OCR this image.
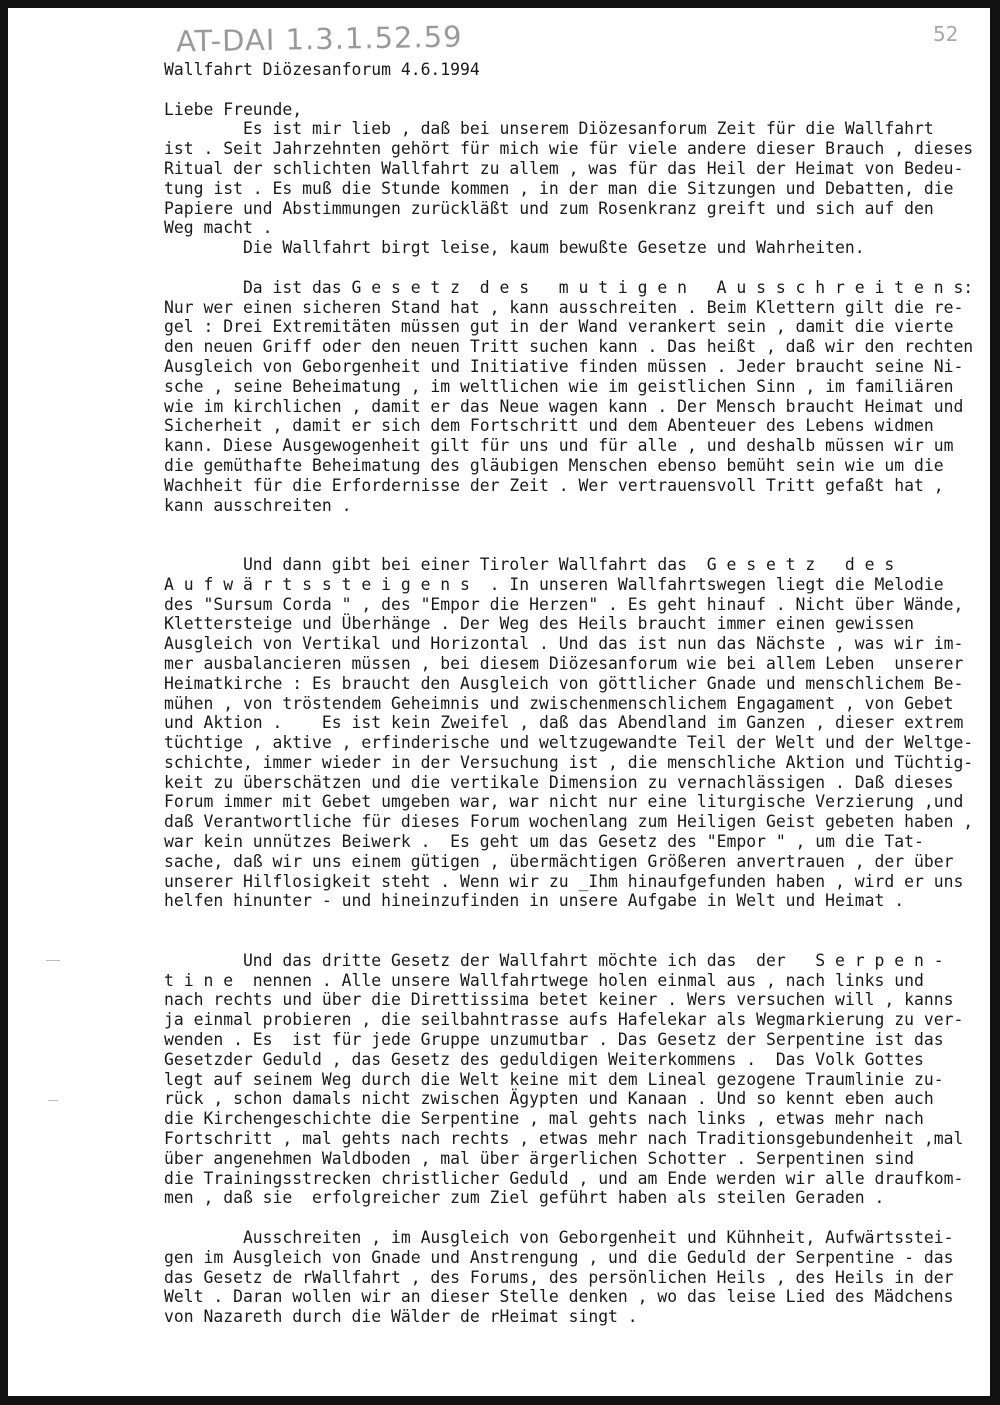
AT-DAI 1.3.1.52.59	52
Wallfahrt Diözesanforum 4.6.1994
Liebe Freunde,
Es ist mir lieb , daß bei unserem Diözesanforum Zeit für die Wallfahrt
ist . Seit Jahrzehnten gehört für mich wie für viele andere dieser Brauch , dieses
Ritual der schlichten Wallfahrt zu allem , was für das Heil der Heimat von Bedeu-
tung ist . Es muß die Stunde kommen , in der man die Sitzungen und Debatten, die
Papiere und Abstimmungen zurückläßt und zum Rosenkranz greift und sich auf den
Weg macht .
Die Wallfahrt birgt leise, kaum bewußte Gesetze und Wahrheiten.
Da ist das G e s e t z  d e s   m u t i g e n   A u s s c h r e i t e n s:
Nur wer einen sicheren Stand hat , kann ausschreiten . Beim Klettern gilt die re-
gel : Drei Extremitäten müssen gut in der Wand verankert sein , damit die vierte
den neuen Griff oder den neuen Tritt suchen kann . Das heißt , daß wir den rechten
Ausgleich von Geborgenheit und Initiative finden müssen . Jeder braucht seine Ni-
sche , seine Beheimatung , im weltlichen wie im geistlichen Sinn , im familiären
wie im kirchlichen , damit er das Neue wagen kann . Der Mensch braucht Heimat und
Sicherheit , damit er sich dem Fortschritt und dem Abenteuer des Lebens widmen
kann. Diese Ausgewogenheit gilt für uns und für alle , und deshalb müssen wir um
die gemüthafte Beheimatung des gläubigen Menschen ebenso bemüht sein wie um die
Wachheit für die Erfordernisse der Zeit . Wer vertrauensvoll Tritt gefaßt hat ,
kann ausschreiten .
Und dann gibt bei einer Tiroler Wallfahrt das  G e s e t z   d e s
A u f w ä r t s s t e i g e n s  . In unseren Wallfahrtswegen liegt die Melodie
des "Sursum Corda " , des "Empor die Herzen" . Es geht hinauf . Nicht über Wände,
Klettersteige und Überhänge . Der Weg des Heils braucht immer einen gewissen
Ausgleich von Vertikal und Horizontal . Und das ist nun das Nächste , was wir im-
mer ausbalancieren müssen , bei diesem Diözesanforum wie bei allem Leben  unserer
Heimatkirche : Es braucht den Ausgleich von göttlicher Gnade und menschlichem Be-
mühen , von tröstendem Geheimnis und zwischenmenschlichem Engagament , von Gebet
und Aktion .    Es ist kein Zweifel , daß das Abendland im Ganzen , dieser extrem
tüchtige , aktive , erfinderische und weltzugewandte Teil der Welt und der Weltge-
schichte, immer wieder in der Versuchung ist , die menschliche Aktion und Tüchtig-
keit zu überschätzen und die vertikale Dimension zu vernachlässigen . Daß dieses
Forum immer mit Gebet umgeben war, war nicht nur eine liturgische Verzierung ,und
daß Verantwortliche für dieses Forum wochenlang zum Heiligen Geist gebeten haben ,
war kein unnützes Beiwerk .  Es geht um das Gesetz des "Empor " , um die Tat-
sache, daß wir uns einem gütigen , übermächtigen Größeren anvertrauen , der über
unserer Hilflosigkeit steht . Wenn wir zu _Ihm hinaufgefunden haben , wird er uns
helfen hinunter - und hineinzufinden in unsere Aufgabe in Welt und Heimat .
Und das dritte Gesetz der Wallfahrt möchte ich das  der   S e r p e n -
t i n e  nennen . Alle unsere Wallfahrtwege holen einmal aus , nach links und
nach rechts und über die Direttissima betet keiner . Wers versuchen will , kanns
ja einmal probieren , die seilbahntrasse aufs Hafelekar als Wegmarkierung zu ver-
wenden . Es  ist für jede Gruppe unzumutbar . Das Gesetz der Serpentine ist das
Gesetzder Geduld , das Gesetz des geduldigen Weiterkommens .  Das Volk Gottes
legt auf seinem Weg durch die Welt keine mit dem Lineal gezogene Traumlinie zu-
rück , schon damals nicht zwischen Ägypten und Kanaan . Und so kennt eben auch
die Kirchengeschichte die Serpentine , mal gehts nach links , etwas mehr nach
Fortschritt , mal gehts nach rechts , etwas mehr nach Traditionsgebundenheit ,mal
über angenehmen Waldboden , mal über ärgerlichen Schotter . Serpentinen sind
die Trainingsstrecken christlicher Geduld , und am Ende werden wir alle draufkom-
men , daß sie  erfolgreicher zum Ziel geführt haben als steilen Geraden .
Ausschreiten , im Ausgleich von Geborgenheit und Kühnheit, Aufwärtsstei-
gen im Ausgleich von Gnade und Anstrengung , und die Geduld der Serpentine - das
das Gesetz de rWallfahrt , des Forums, des persönlichen Heils , des Heils in der
Welt . Daran wollen wir an dieser Stelle denken , wo das leise Lied des Mädchens
von Nazareth durch die Wälder de rHeimat singt .
